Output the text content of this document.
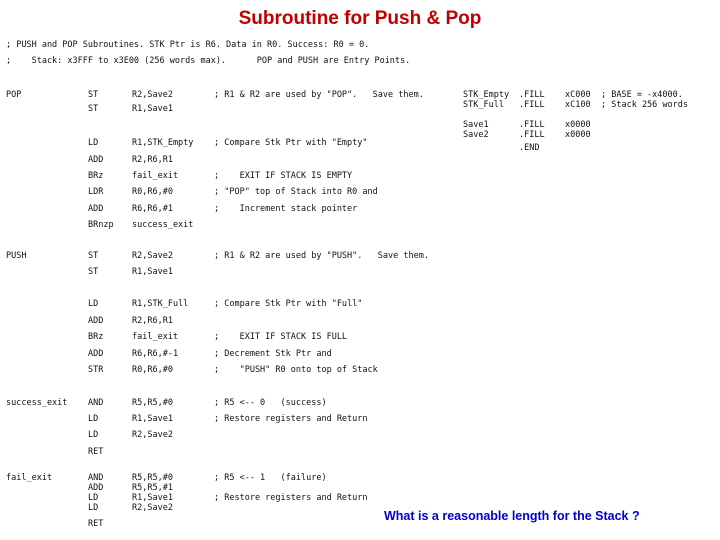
Subroutine for Push & Pop
; PUSH and POP Subroutines. STK Ptr is R6. Data in R0. Success: R0 = 0.
;    Stack: x3FFF to x3E00 (256 words max).      POP and PUSH are Entry Points.
POP	ST	R2,Save2	; R1 & R2 are used by "POP".   Save them.
ST	R1,Save1
LD	R1,STK_Empty ; Compare Stk Ptr with "Empty"
ADD	R2,R6,R1
BRz	fail_exit	;    EXIT IF STACK IS EMPTY
LDR	R0,R6,#0	; "POP" top of Stack into R0 and
ADD	R6,R6,#1	;    Increment stack pointer
BRnzp success_exit
PUSH	ST	R2,Save2	; R1 & R2 are used by "PUSH".   Save them.
ST	R1,Save1
LD	R1,STK_Full	; Compare Stk Ptr with "Full"
ADD	R2,R6,R1
BRz	fail_exit	;    EXIT IF STACK IS FULL
ADD	R6,R6,#-1	; Decrement Stk Ptr and
STR	R0,R6,#0	;    "PUSH" R0 onto top of Stack
success_exit AND	R5,R5,#0	; R5 <-- 0   (success)
LD	R1,Save1	; Restore registers and Return
LD	R2,Save2
RET
fail_exit	AND	R5,R5,#0	; R5 <-- 1   (failure)
ADD	R5,R5,#1
LD	R1,Save1	; Restore registers and Return
LD	R2,Save2
RET
STK_Empty .FILL xC000 ; BASE = -x4000.
STK_Full .FILL xC100 ; Stack 256 words
Save1	.FILL x0000
Save2	.FILL x0000
.END
What is a reasonable length for the Stack ?
